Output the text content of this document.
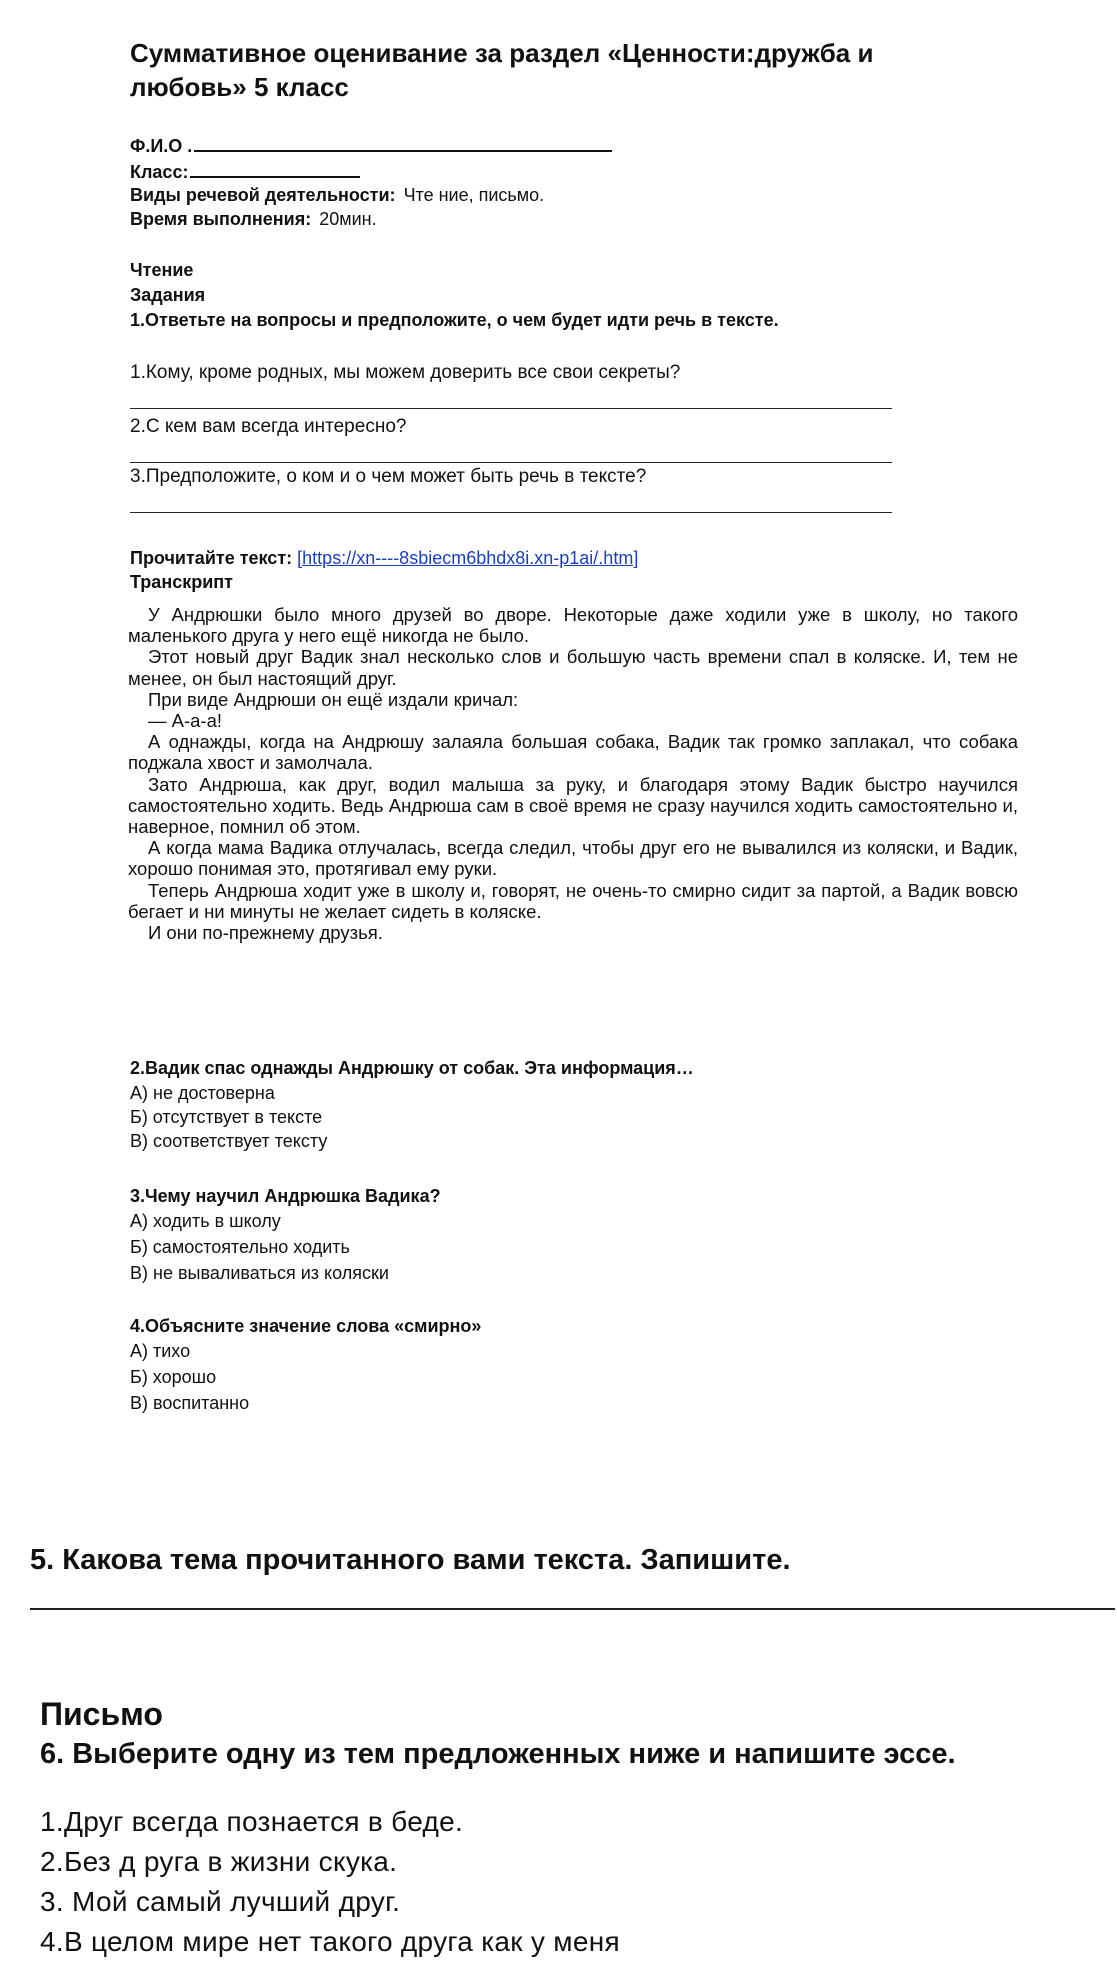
Суммативное оценивание за раздел «Ценности:дружба и
любовь» 5 класс
Ф.И.О .
Класс:
Виды речевой деятельности: Чте ние, письмо.
Время выполнения: 20мин.
Чтение
Задания
1.Ответьте на вопросы и предположите, о чем будет идти речь в тексте.
1.Кому, кроме родных, мы можем доверить все свои секреты?
2.С кем вам всегда интересно?
3.Предположите, о ком и о чем может быть речь в тексте?
Прочитайте текст: [https://xn----8sbiecm6bhdx8i.xn-p1ai/.htm]
Транскрипт

У Андрюшки было много друзей во дворе. Некоторые даже ходили уже в школу, но такого маленького друга у него ещё никогда не было.

Этот новый друг Вадик знал несколько слов и большую часть времени спал в коляске. И, тем не менее, он был настоящий друг.

При виде Андрюши он ещё издали кричал:

— А-а-а!

А однажды, когда на Андрюшу залаяла большая собака, Вадик так громко заплакал, что собака поджала хвост и замолчала.

Зато Андрюша, как друг, водил малыша за руку, и благодаря этому Вадик быстро научился самостоятельно ходить. Ведь Андрюша сам в своё время не сразу научился ходить самостоятельно и, наверное, помнил об этом.

А когда мама Вадика отлучалась, всегда следил, чтобы друг его не вывалился из коляски, и Вадик, хорошо понимая это, протягивал ему руки.

Теперь Андрюша ходит уже в школу и, говорят, не очень-то смирно сидит за партой, а Вадик вовсю бегает и ни минуты не желает сидеть в коляске.

И они по-прежнему друзья.

2.Вадик спас однажды Андрюшку от собак. Эта информация…
А) не достоверна
Б) отсутствует в тексте
В) соответствует тексту
3.Чему научил Андрюшка Вадика?
А) ходить в школу
Б) самостоятельно ходить
В) не вываливаться из коляски
4.Объясните значение слова «смирно»
А) тихо
Б) хорошо
В) воспитанно
5. Какова тема прочитанного вами текста. Запишите.
Письмо
6. Выберите одну из тем предложенных ниже и напишите эссе.
1.Друг всегда познается в беде.
2.Без д руга в жизни скука.
3. Мой самый лучший друг.
4.В целом мире нет такого друга как у меня
